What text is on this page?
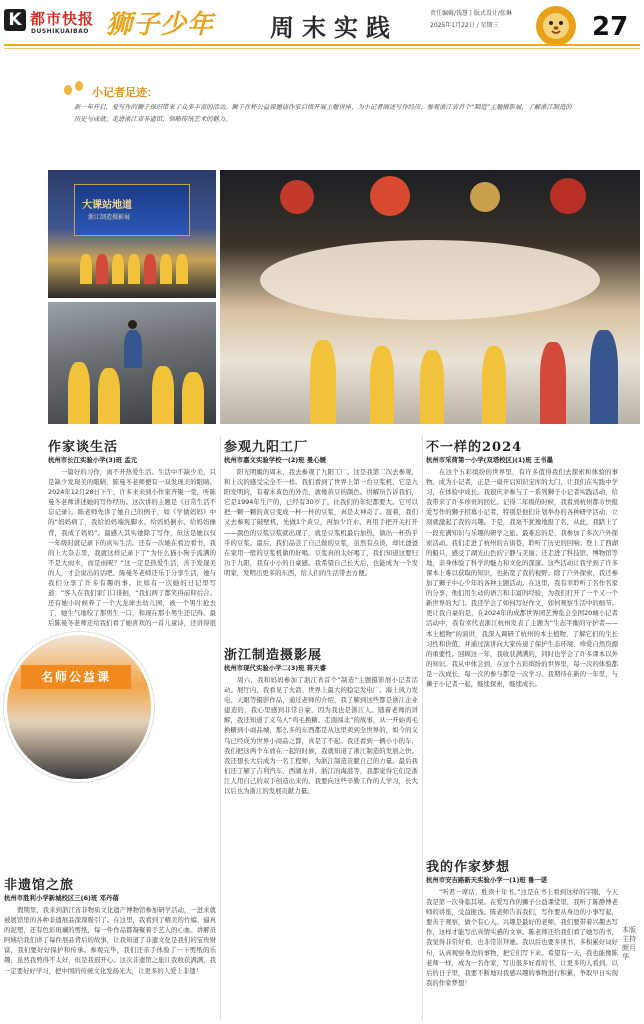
K 都市快报
DUSHIKUAIBAO 狮子少年 周末实践	责任编辑/钱慧 | 版式设计/张琳
2025年1月22日 / 星期三	27
小记者足迹：
新一年开启，爱写作的狮子保旧带来了众多丰富的活动。狮子在杯公益课邀请作家启悟开展主题讲座，为小记者阐述写作经历；参观浙江省首个“制造”主题摄影展，了解浙江制造的历史与成就；走进浙江省非遗馆，领略传统艺术的魅力。
大课站地道
浙江制造摄影展
作家谈生活
杭州市长江实验小学(3)班 孟元
一篇好的习作，离不开热爱生活。生活中不缺少美，只是缺少发现美的眼睛，陈曼冬老师便有一双发现美的眼睛。2024年12月28日下午，许多来来到小作家齐聚一堂，听陈曼冬老师讲述她的写作经历。这次讲的主题是《日常生活不忘记录》。陈老师先讲了她自己的例子，如《学做妈妈》中的“妈妈病了，我给妈妈端洗脚水、给妈妈倒水、给妈妈捶背，我成了妈妈”。最感人其实她除了写作，但这是她以仅一年级时就记录下的真实生活。还有一次她在看边看书，我的上大杂志里，我就这样记录下了“为什么猫小狗子流满的不是大雨水，而是雨呢？”这一定是热爱生活，善于发现美的人，才会说出的话吧。陈曼冬老师还乐于分享生活，她与我们分享了许多有趣的事。比如有一次她的日记里写道：“客人在我们家门口徘徊，“我们两了都笑得前仰后合。还有她小时候养了一个大龙球去幼儿园，被一个男生抢去了，她生气地咬了那男生一口，和现在那小男生还记得。最后陈曼冬老师还给我们看了她喜欢的一首儿童诗，还讲得很
名师公益课
非遗馆之旅
杭州市胜利小学新城校区三(6)班 邓丹蓓
假期里，我来到浙江省非物质文化遗产博物馆参加研学活动，一进来就被展馆里的各种非遗展品深深吸引了。在这里，我看到了精美的竹编、逼真的泥塑，还有色彩斑斓的剪纸，每一件作品都凝聚着手艺人的心血。讲解员阿姨给我们讲了每件展品背后的故事，让我知道了非遗文化是我们的宝贵财富，我们要好好保护和传承。参观完毕，我们还亲手体验了一下剪纸的乐趣，虽然我剪得不太好，但是我很开心。这次非遗馆之旅让我收获满满，我一定要好好学习，把中国的传统文化发扬光大，让更多的人爱上非遗！
参观九阳工厂
杭州市嘉文实验学校一(2)班 曼心媛
阳光明媚的周末，我去参观了九阳工厂。这是我第二次去参观，和上次的感受完全不一样。我们看到了世界上第一台豆浆机，它是九阳发明的，有着米黄色的外壳，就像黄豆的颜色。讲解员告诉我们，它是1994年生产的，已经有30岁了，比我们的年纪都要大。它可以把一颗一颗的黄豆变成一杯一杯的豆浆，真是太神奇了。接着，我们又去参观了破壁机，先做1个黄豆，再加少许水，再用手把开关打开——颜色的豆浆豆浆就出现了，就是豆浆机最后加热，做出一杯热乎乎的豆浆。最后，我们品尝了自己做的豆浆，虽然有点烫，却比爸爸在家用一般的豆浆机做的好喝。豆浆真的太好喝了，我们知道这要归功于九阳，我有小小的自豪感。我希望自己长大后，也能成为一个发明家，发明出更多的东西，给人们的生活带去方便。
浙江制造摄影展
杭州市现代实验小学二(3)班 蒋天睿
周六，我和妈妈参加了浙江省首个“制造”主题摄影展小记者活动。展厅内，我看见了火箭、世界上最大的稳定发电厂、海上风力发电、天眼等摄影作品，通过老师的介绍，我了解到这些都是浙江企业建造的，我心里感到非常自豪，因为我也是浙江人。随着老师的讲解，我还知道了义乌人“鸡毛换糖、走南闯北”的故事，从一开始鸡毛换糖到小商品城，那么多的东西都是从这里卖到全世界的，如今的义乌已经成为世界小商品之都，真是了不起。我还看到一辆小小的车，我们把这两个车放在一起的时候，我就知道了浙江制造的发展之快。我还想长大后成为一名工程师，为浙江制造贡献自己的力量。最后我们还了解了吉利汽车、西湖龙井、浙江的海港等，我都觉得它们是浙江人用自己的双手创造出来的。我要向这些辛勤工作的人学习，长大以后也为浙江的发展贡献力量。
不一样的2024
杭州市采荷第一小学(双塔校区)(1)班 王书墨
在这个五彩缤纷的世界里，有许多值得我们去探索和体验的事物。成为小记者，正是一扇开启知识宝库的大门，让我们在实践中学习，在体验中成长。我很庆幸参与了一系列狮子小记者实践活动，给我带来了许多珍贵的回忆。记得二年级的时候，我看到杭州都市快报爱写作的狮子招募小记者，特别是他们计划举办的各种研学活动，立刻就激起了我的兴趣。于是，我毫不犹豫地报了名，从此，我踏上了一段充满知识与乐趣的研学之旅。最难忘的是，我参加了多次户外探索活动。我们走进了杭州的古街巷，聆听了历史的回响；登上了西湖的船只，感受了湖光山色的宁静与美丽；还走进了科技馆、博物馆等地，亲身体验了科学的魅力和文化的深邃。这些活动让我学到了许多课本上难以获取的知识，也拓宽了我的视野。除了户外探索，我还参加了狮子中心少年的各种主题活动。在这里，我有幸聆听了名作名家的分享，他们用生动的语言和丰富的经验，为我们打开了一个又一个新世界的大门。我还学会了如何写好作文，如何观察生活中的细节。更让我自豪的是，在2024年的成都世界园艺博览会全国20城小记者活动中，我有幸代表浙江杭州发表了主题为“生态平衡的守护者——本土植物”的演讲，我深入调研了杭州的本土植物，了解它们的生长习性和价值，并通过演讲向大家传递了保护生态环境、珍爱自然资源的重要性。回顾这一年，我收获满满的，同时也学会了许多课本以外的知识。我从中体会到，在这个五彩缤纷的世界里，每一次的体验都是一次成长，每一次的参与都是一次学习。我期待在新的一年里，与狮子小记者一起，继续探索，继续成长。
我的作家梦想
杭州市安吉路新天实验小学一(1)班 鲁一诺
“听君一席话，胜读十年书。”这是在书上看到这样的字眼，今天我是第一次身临其境。在爱写作的狮子公益课堂里，我听了陈静博老师的讲座，受益匪浅。陈老师告诉我们，写作要从身边的小事写起，要善于观察，做个有心人。兴趣是最好的老师，我们要带着兴趣去写作，这样才能写出真情实感的文章。陈老师还给我们看了她写的书，我觉得非常好看，也非常崇拜她。我以后也要多读书，多积累好词好句，认真观察身边的事物，把它们写下来。希望有一天，我也能像陈老师一样，成为一名作家，写出很多好看的书，让更多的人看到。以后的日子里，我要不断地对我感兴趣的事物进行积累，争取早日实现我的作家梦想！
本版主持 颜月华
